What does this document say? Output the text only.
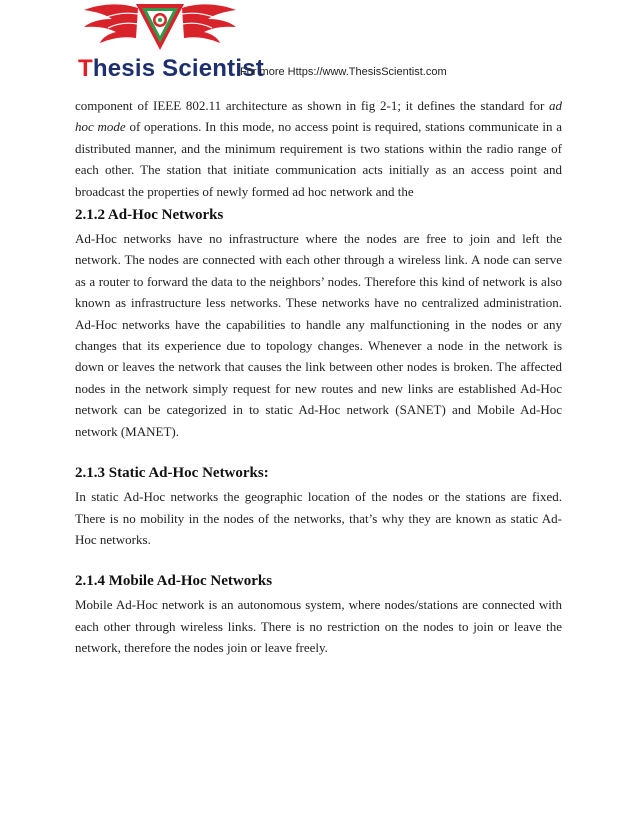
Thesis Scientist
For more Https://www.ThesisScientist.com

component of IEEE 802.11 architecture as shown in fig 2-1; it defines the standard for ad hoc mode of operations. In this mode, no access point is required, stations communicate in a distributed manner, and the minimum requirement is two stations within the radio range of each other. The station that initiate communication acts initially as an access point and broadcast the properties of newly formed ad hoc network and the

2.1.2 Ad-Hoc Networks

Ad-Hoc networks have no infrastructure where the nodes are free to join and left the network. The nodes are connected with each other through a wireless link. A node can serve as a router to forward the data to the neighbors’ nodes. Therefore this kind of network is also known as infrastructure less networks. These networks have no centralized administration. Ad-Hoc networks have the capabilities to handle any malfunctioning in the nodes or any changes that its experience due to topology changes. Whenever a node in the network is down or leaves the network that causes the link between other nodes is broken. The affected nodes in the network simply request for new routes and new links are established Ad-Hoc network can be categorized in to static Ad-Hoc network (SANET) and Mobile Ad-Hoc network (MANET).

2.1.3 Static Ad-Hoc Networks:

In static Ad-Hoc networks the geographic location of the nodes or the stations are fixed. There is no mobility in the nodes of the networks, that’s why they are known as static Ad-Hoc networks.

2.1.4 Mobile Ad-Hoc Networks

Mobile Ad-Hoc network is an autonomous system, where nodes/stations are connected with each other through wireless links. There is no restriction on the nodes to join or leave the network, therefore the nodes join or leave freely.
